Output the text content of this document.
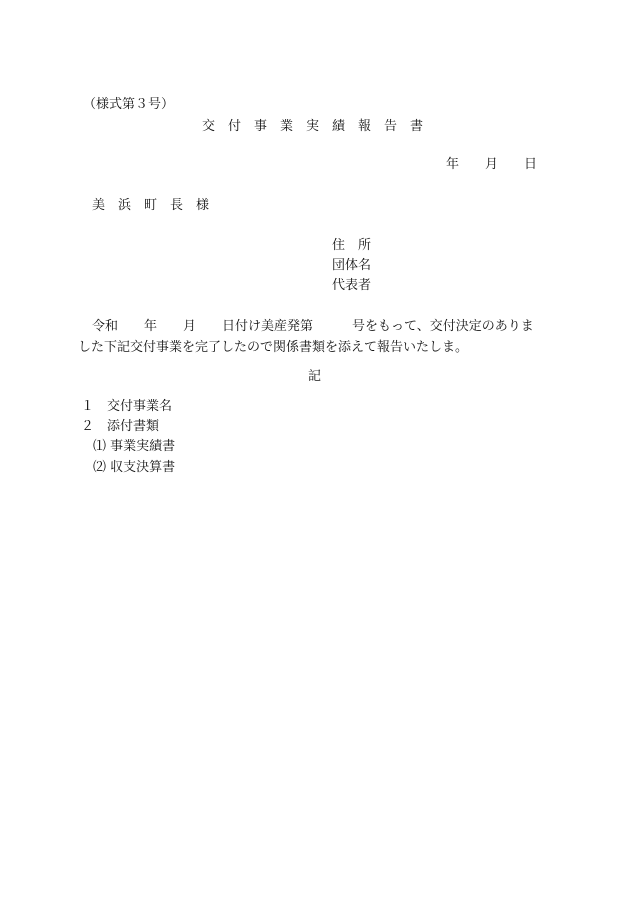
（様式第３号）
交　付　事　業　実　績　報　告　書
年　　月　　日
美　浜　町　長　様
住　所
団体名
代表者
令和　　年　　月　　日付け美産発第　　　号をもって、交付決定のありま
した下記交付事業を完了したので関係書類を添えて報告いたしま。
記
１　交付事業名
２　添付書類
⑴ 事業実績書
⑵ 収支決算書
